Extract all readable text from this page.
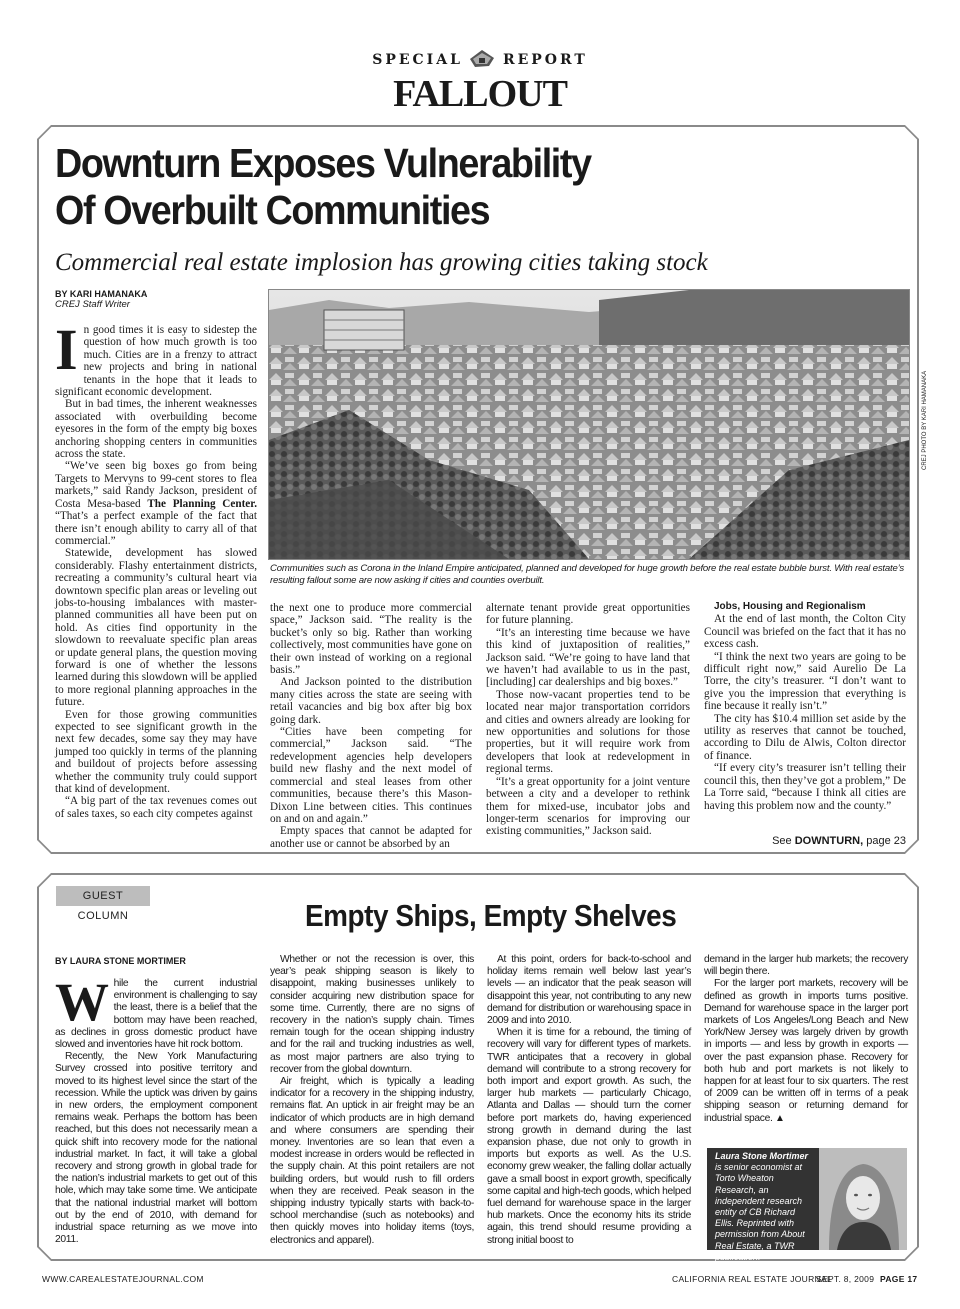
SPECIAL	REPORT
FALLOUT
Downturn Exposes Vulnerability
Of Overbuilt Communities
Commercial real estate implosion has growing cities taking stock
BY KARI HAMANAKA
CREJ Staff Writer
I n good times it is easy to sidestep the question of how much growth is too much. Cities are in a frenzy to attract new projects and bring in national tenants in the hope that it leads to significant economic development.

But in bad times, the inherent weaknesses associated with overbuilding become eyesores in the form of the empty big boxes anchoring shopping centers in communities across the state.

“We’ve seen big boxes go from being Targets to Mervyns to 99-cent stores to flea markets,” said Randy Jackson, president of Costa Mesa-based The Planning Center. “That’s a perfect example of the fact that there isn’t enough ability to carry all of that commercial.”

Statewide, development has slowed considerably. Flashy entertainment districts, recreating a community’s cultural heart via downtown specific plan areas or leveling out jobs-to-housing imbalances with master-planned communities all have been put on hold. As cities find opportunity in the slowdown to reevaluate specific plan areas or update general plans, the question moving forward is one of whether the lessons learned during this slowdown will be applied to more regional planning approaches in the future.

Even for those growing communities expected to see significant growth in the next few decades, some say they may have jumped too quickly in terms of the planning and buildout of projects before assessing whether the community truly could support that kind of development.

“A big part of the tax revenues comes out of sales taxes, so each city competes against

CREJ PHOTO BY KARI HAMANAKA
Communities such as Corona in the Inland Empire anticipated, planned and developed for huge growth before the real estate bubble burst. With real estate’s resulting fallout some are now asking if cities and counties overbuilt.

the next one to produce more commercial space,” Jackson said. “The reality is the bucket’s only so big. Rather than working collectively, most communities have gone on their own instead of working on a regional basis.”

And Jackson pointed to the distribution many cities across the state are seeing with retail vacancies and big box after big box going dark.

“Cities have been competing for commercial,” Jackson said. “The redevelopment agencies help developers build new flashy and the next model of commercial and steal leases from other communities, because there’s this Mason-Dixon Line between cities. This continues on and on and again.”

Empty spaces that cannot be adapted for another use or cannot be absorbed by an

alternate tenant provide great opportunities for future planning.

“It’s an interesting time because we have this kind of juxtaposition of realities,” Jackson said. “We’re going to have land that we haven’t had available to us in the past, [including] car dealerships and big boxes.”

Those now-vacant properties tend to be located near major transportation corridors and cities and owners already are looking for new opportunities and solutions for those properties, but it will require work from developers that look at redevelopment in regional terms.

“It’s a great opportunity for a joint venture between a city and a developer to rethink them for mixed-use, incubator jobs and longer-term scenarios for improving our existing communities,” Jackson said.

Jobs, Housing and Regionalism

At the end of last month, the Colton City Council was briefed on the fact that it has no excess cash.

“I think the next two years are going to be difficult right now,” said Aurelio De La Torre, the city’s treasurer. “I don’t want to give you the impression that everything is fine because it really isn’t.”

The city has $10.4 million set aside by the utility as reserves that cannot be touched, according to Dilu de Alwis, Colton director of finance.

“If every city’s treasurer isn’t telling their council this, then they’ve got a problem,” De La Torre said, “because I think all cities are having this problem now and the county.”

See DOWNTURN, page 23
GUEST COLUMN	Empty Ships, Empty Shelves
BY LAURA STONE MORTIMER
W hile the current industrial environment is challenging to say the least, there is a belief that the bottom may have been reached, as declines in gross domestic product have slowed and inventories have hit rock bottom.

Recently, the New York Manufacturing Survey crossed into positive territory and moved to its highest level since the start of the recession. While the uptick was driven by gains in new orders, the employment component remains weak. Perhaps the bottom has been reached, but this does not necessarily mean a quick shift into recovery mode for the national industrial market. In fact, it will take a global recovery and strong growth in global trade for the nation’s industrial markets to get out of this hole, which may take some time. We anticipate that the national industrial market will bottom out by the end of 2010, with demand for industrial space returning as we move into 2011.

Whether or not the recession is over, this year’s peak shipping season is likely to disappoint, making businesses unlikely to consider acquiring new distribution space for some time. Currently, there are no signs of recovery in the nation’s supply chain. Times remain tough for the ocean shipping industry and for the rail and trucking industries as well, as most major partners are also trying to recover from the global downturn.

Air freight, which is typically a leading indicator for a recovery in the shipping industry, remains flat. An uptick in air freight may be an indicator of which products are in high demand and where consumers are spending their money. Inventories are so lean that even a modest increase in orders would be reflected in the supply chain. At this point retailers are not building orders, but would rush to fill orders when they are received. Peak season in the shipping industry typically starts with back-to-school merchandise (such as notebooks) and then quickly moves into holiday items (toys, electronics and apparel).

At this point, orders for back-to-school and holiday items remain well below last year’s levels — an indicator that the peak season will disappoint this year, not contributing to any new demand for distribution or warehousing space in 2009 and into 2010.

When it is time for a rebound, the timing of recovery will vary for different types of markets. TWR anticipates that a recovery in global demand will contribute to a strong recovery for both import and export growth. As such, the larger hub markets — particularly Chicago, Atlanta and Dallas — should turn the corner before port markets do, having experienced strong growth in demand during the last expansion phase, due not only to growth in imports but exports as well. As the U.S. economy grew weaker, the falling dollar actually gave a small boost in export growth, specifically some capital and high-tech goods, which helped fuel demand for warehouse space in the larger hub markets. Once the economy hits its stride again, this trend should resume providing a strong initial boost to

demand in the larger hub markets; the recovery will begin there.

For the larger port markets, recovery will be defined as growth in imports turns positive. Demand for warehouse space in the larger port markets of Los Angeles/Long Beach and New York/New Jersey was largely driven by growth in imports — and less by growth in exports — over the past expansion phase. Recovery for both hub and port markets is not likely to happen for at least four to six quarters. The rest of 2009 can be written off in terms of a peak shipping season or returning demand for industrial space. ▲

Laura Stone Mortimer
is senior economist at Torto Wheaton Research, an independent research entity of CB Richard Ellis. Reprinted with permission from About Real Estate, a TWR publication.
WWW.CAREALESTATEJOURNAL.COM	CALIFORNIA REAL ESTATE JOURNAL
SEPT. 8, 2009 PAGE 17
